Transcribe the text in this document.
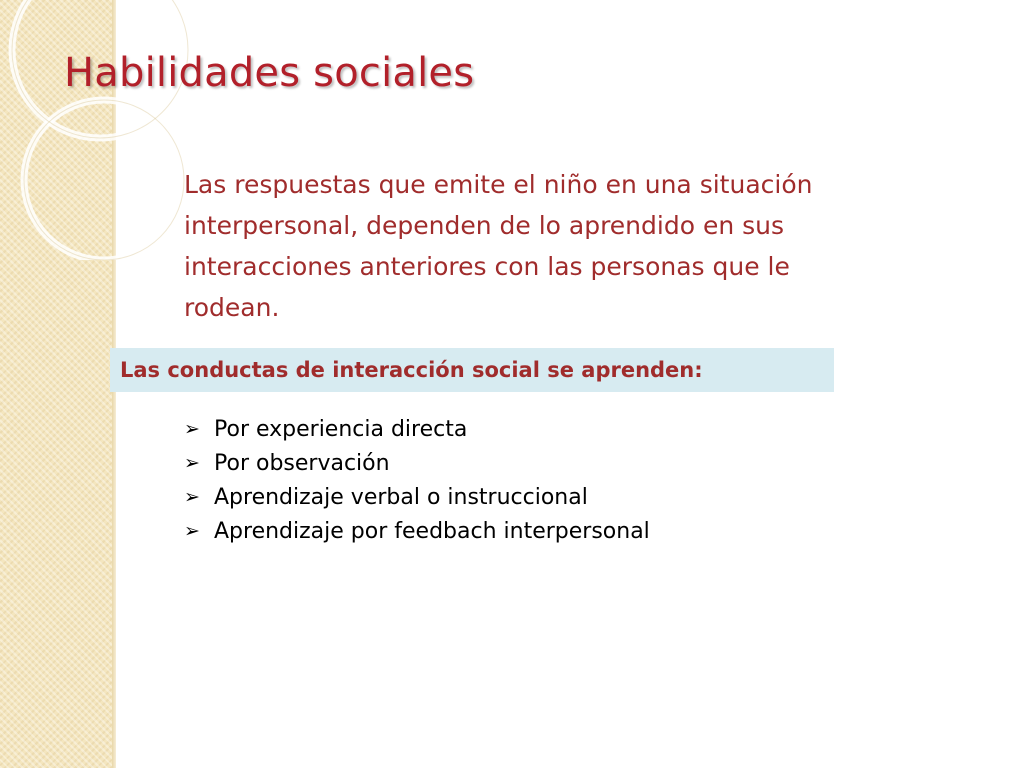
Habilidades sociales

Las respuestas que emite el niño en una situación interpersonal, dependen de lo aprendido en sus interacciones anteriores con las personas que le rodean.

Las conductas de interacción social se aprenden:
➢ Por experiencia directa
➢ Por observación
➢ Aprendizaje verbal o instruccional
➢ Aprendizaje por feedbach interpersonal
